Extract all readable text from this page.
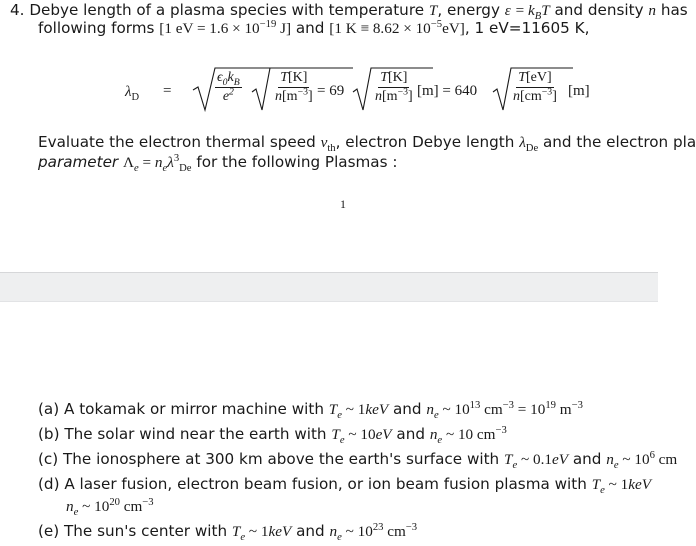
4. Debye length of a plasma species with temperature T, energy $\varepsilon = k_BT$ and density n has
following forms [1 eV = $1.6 \times 10^{-19}$ J] and [1 $K \equiv 8.62 \times 10^{-5}eV$], 1 eV=11605 K,
$\lambda_D$ =	$\frac{\epsilon_0k_B}{e^2} \frac{T[K]}{n[m^{-3}]} = 69 \frac{T[K]}{n[m^{-3}]} [m] = 640 \frac{T[eV]}{n[cm^{-3}]} [m]$
Evaluate the electron thermal speed $v_{th}$, electron Debye length $\lambda_{De}$ and the electron pla
parameter $\Lambda_e = n_e\lambda^3_{De}$ for the following Plasmas :
1
(a) A tokamak or mirror machine with $T_e$ ~ 1keV and $n_e$ ~ $10^{13}$ $cm^{-3} = 10^{19}$ $m^{-3}$
(b) The solar wind near the earth with $T_e$ ~ 10eV and $n_e$ ~ 10 $cm^{-3}$
(c) The ionosphere at 300 km above the earth's surface with $T_e$ ~ 0.1eV and $n_e$ ~ $10^6$ cm
(d) A laser fusion, electron beam fusion, or ion beam fusion plasma with $T_e$ ~ 1keV
$n_e$ ~ $10^{20}$ $cm^{-3}$
(e) The sun's center with $T_e$ ~ 1keV and $n_e$ ~ $10^{23}$ $cm^{-3}$
